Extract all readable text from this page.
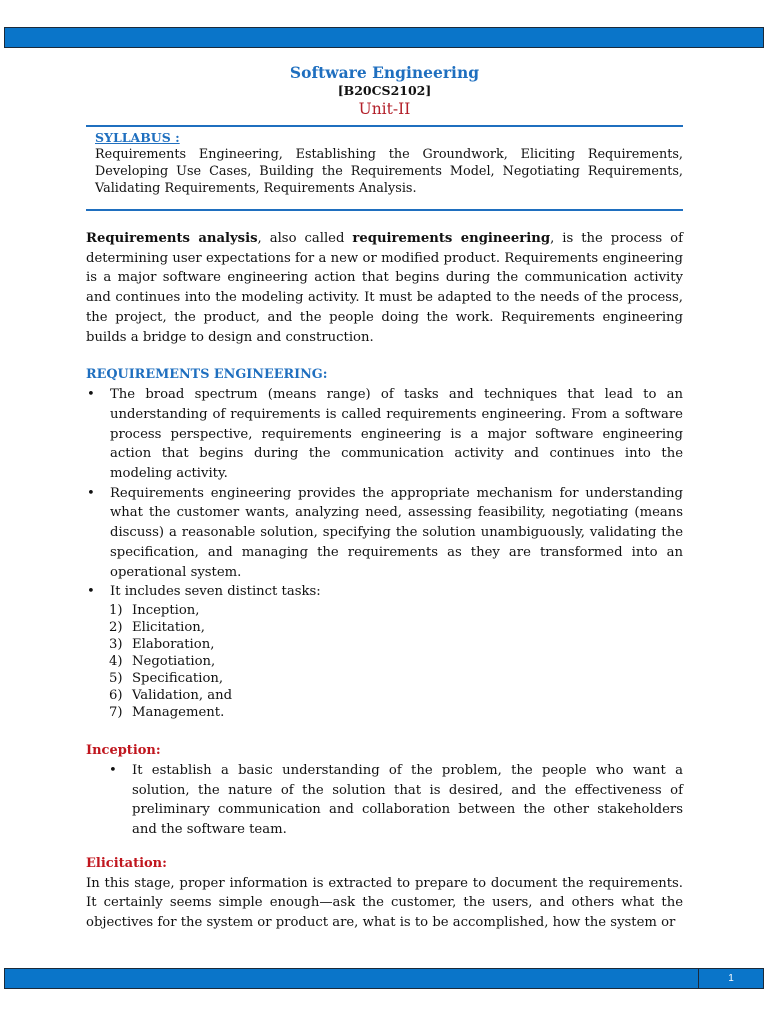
Software Engineering
[B20CS2102]
Unit-II
SYLLABUS :
Requirements Engineering, Establishing the Groundwork, Eliciting Requirements, Developing Use Cases, Building the Requirements Model, Negotiating Requirements, Validating Requirements, Requirements Analysis.

Requirements analysis, also called requirements engineering, is the process of determining user expectations for a new or modified product. Requirements engineering is a major software engineering action that begins during the communication activity and continues into the modeling activity. It must be adapted to the needs of the process, the project, the product, and the people doing the work. Requirements engineering builds a bridge to design and construction.

REQUIREMENTS ENGINEERING:
•	The broad spectrum (means range) of tasks and techniques that lead to an understanding of requirements is called requirements engineering. From a software process perspective, requirements engineering is a major software engineering action that begins during the communication activity and continues into the modeling activity.
•	Requirements engineering provides the appropriate mechanism for understanding what the customer wants, analyzing need, assessing feasibility, negotiating (means discuss) a reasonable solution, specifying the solution unambiguously, validating the specification, and managing the requirements as they are transformed into an operational system.
•	It includes seven distinct tasks:
1) Inception,
2) Elicitation,
3) Elaboration,
4) Negotiation,
5) Specification,
6) Validation, and
7) Management.
Inception:
•	It establish a basic understanding of the problem, the people who want a solution, the nature of the solution that is desired, and the effectiveness of preliminary communication and collaboration between the other stakeholders and the software team.
Elicitation:

In this stage, proper information is extracted to prepare to document the requirements. It certainly seems simple enough—ask the customer, the users, and others what the objectives for the system or product are, what is to be accomplished, how the system or

1
